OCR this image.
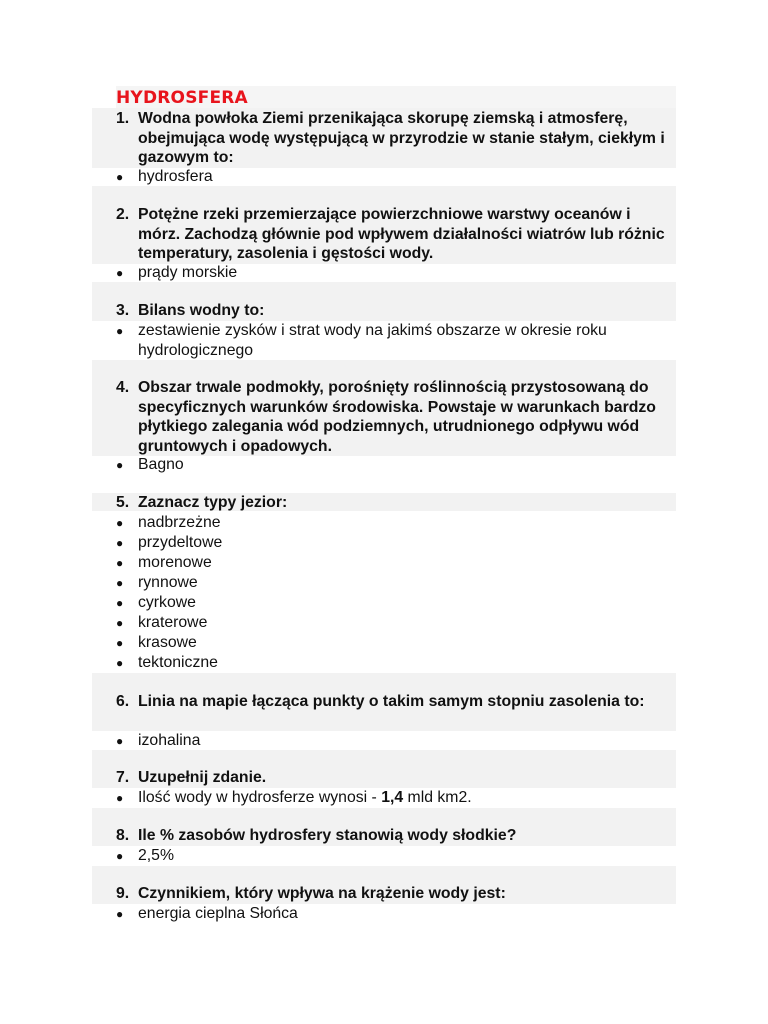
HYDROSFERA
1. Wodna powłoka Ziemi przenikająca skorupę ziemską i atmosferę, obejmująca wodę występującą w przyrodzie w stanie stałym, ciekłym i gazowym to:
● hydrosfera
2. Potężne rzeki przemierzające powierzchniowe warstwy oceanów i mórz. Zachodzą głównie pod wpływem działalności wiatrów lub różnic temperatury, zasolenia i gęstości wody.
● prądy morskie
3. Bilans wodny to:
● zestawienie zysków i strat wody na jakimś obszarze w okresie roku hydrologicznego
4. Obszar trwale podmokły, porośnięty roślinnością przystosowaną do specyficznych warunków środowiska. Powstaje w warunkach bardzo płytkiego zalegania wód podziemnych, utrudnionego odpływu wód gruntowych i opadowych.
● Bagno
5. Zaznacz typy jezior:
● nadbrzeżne
● przydeltowe
● morenowe
● rynnowe
● cyrkowe
● kraterowe
● krasowe
● tektoniczne
6. Linia na mapie łącząca punkty o takim samym stopniu zasolenia to:
● izohalina
7. Uzupełnij zdanie.
● Ilość wody w hydrosferze wynosi - 1,4 mld km2.
8. Ile % zasobów hydrosfery stanowią wody słodkie?
● 2,5%
9. Czynnikiem, który wpływa na krążenie wody jest:
● energia cieplna Słońca
